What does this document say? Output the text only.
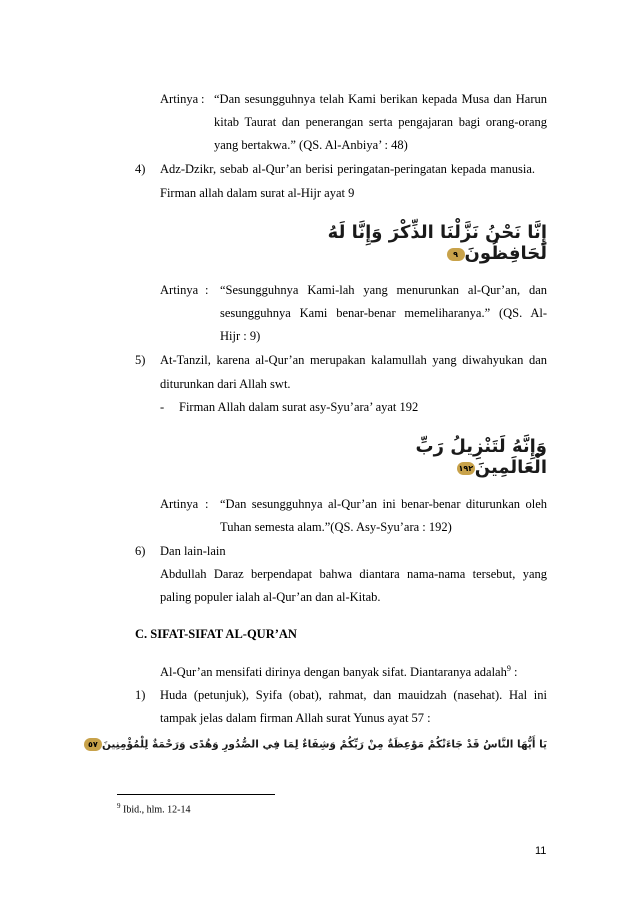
Artinya : “Dan sesungguhnya telah Kami berikan kepada Musa dan Harun
kitab Taurat dan penerangan serta pengajaran bagi orang-orang
yang bertakwa.” (QS. Al-Anbiya’ : 48)
4) Adz-Dzikr, sebab al-Qur’an berisi peringatan-peringatan kepada manusia.
Firman allah dalam surat al-Hijr ayat 9
إِنَّا نَحْنُ نَزَّلْنَا الذِّكْرَ وَإِنَّا لَهُ لَحَافِظُونَ٩
Artinya : “Sesungguhnya Kami-lah yang menurunkan al-Qur’an, dan
sesungguhnya Kami benar-benar memeliharanya.” (QS. Al-
Hijr : 9)
5) At-Tanzil, karena al-Qur’an merupakan kalamullah yang diwahyukan dan
diturunkan dari Allah swt.
- Firman Allah dalam surat asy-Syu’ara’ ayat 192
وَإِنَّهُ لَتَنْزِيلُ رَبِّ الْعَالَمِينَ١٩٢
Artinya : “Dan sesungguhnya al-Qur’an ini benar-benar diturunkan oleh
Tuhan semesta alam.”(QS. Asy-Syu’ara : 192)
6) Dan lain-lain
Abdullah Daraz berpendapat bahwa diantara nama-nama tersebut, yang
paling populer ialah al-Qur’an dan al-Kitab.
C. SIFAT-SIFAT AL-QUR’AN
Al-Qur’an mensifati dirinya dengan banyak sifat. Diantaranya adalah$^9$ :
1) Huda (petunjuk), Syifa (obat), rahmat, dan mauidzah (nasehat). Hal ini
tampak jelas dalam firman Allah surat Yunus ayat 57 :
يَا أَيُّهَا النَّاسُ قَدْ جَاءَتْكُمْ مَوْعِظَةٌ مِنْ رَبِّكُمْ وَشِفَاءٌ لِمَا فِي الصُّدُورِ وَهُدًى وَرَحْمَةٌ لِلْمُؤْمِنِينَ٥٧
$^9$ Ibid., hlm. 12-14
11
